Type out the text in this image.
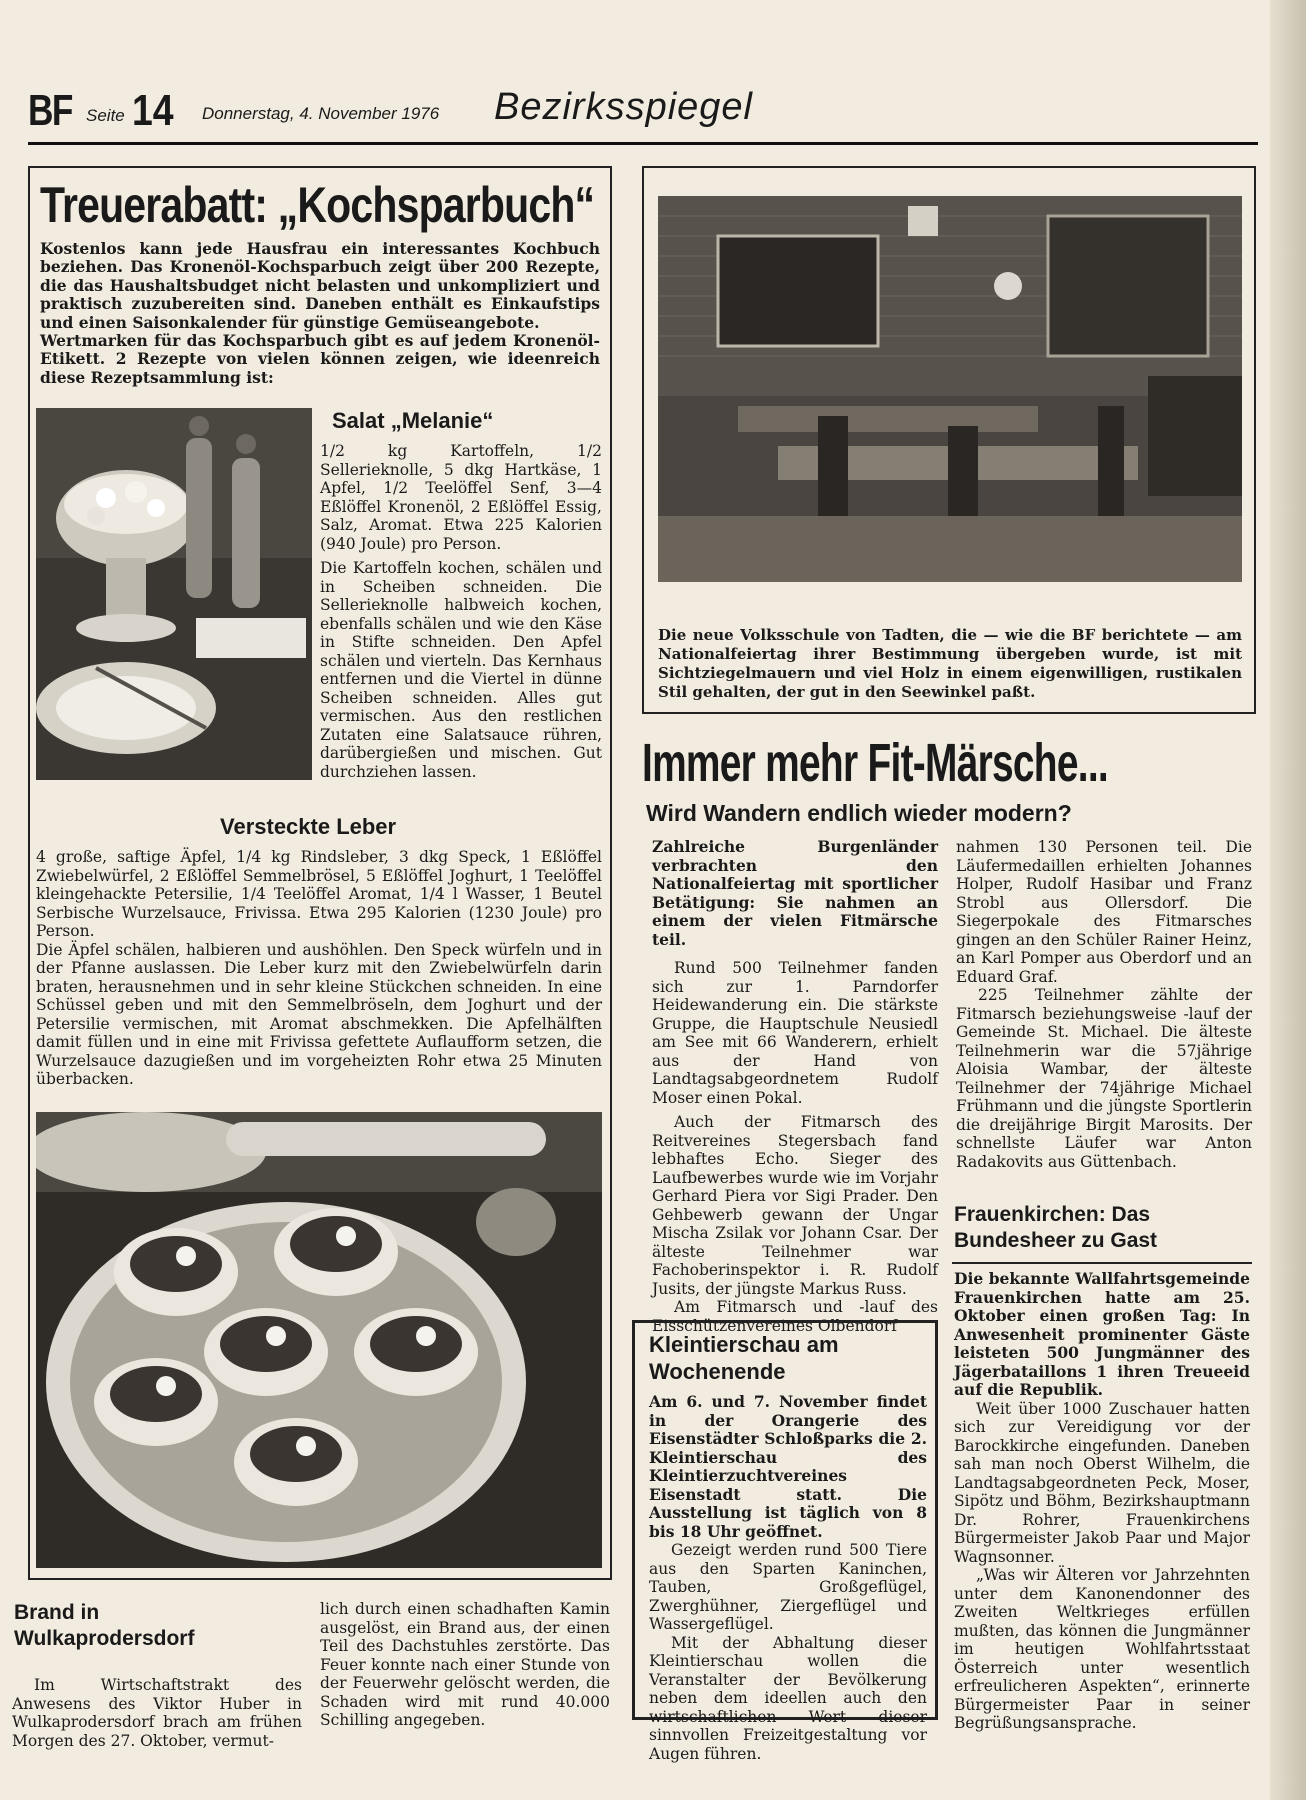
BF Seite 14 Donnerstag, 4. November 1976 Bezirksspiegel
Treuerabatt: „Kochsparbuch“
Kostenlos kann jede Hausfrau ein interessantes Kochbuch beziehen. Das Kronenöl-Kochsparbuch zeigt über 200 Rezepte, die das Haushaltsbudget nicht belasten und unkompliziert und praktisch zuzubereiten sind. Daneben enthält es Einkaufstips und einen Saisonkalender für günstige Gemüseangebote.
Wertmarken für das Kochsparbuch gibt es auf jedem Kronenöl-Etikett. 2 Rezepte von vielen können zeigen, wie ideenreich diese Rezeptsammlung ist:
Salat „Melanie“

1/2 kg Kartoffeln, 1/2 Sellerieknolle, 5 dkg Hartkäse, 1 Apfel, 1/2 Teelöffel Senf, 3—4 Eßlöffel Kronenöl, 2 Eßlöffel Essig, Salz, Aromat. Etwa 225 Kalorien (940 Joule) pro Person.

Die Kartoffeln kochen, schälen und in Scheiben schneiden. Die Sellerieknolle halbweich kochen, ebenfalls schälen und wie den Käse in Stifte schneiden. Den Apfel schälen und vierteln. Das Kernhaus entfernen und die Viertel in dünne Scheiben schneiden. Alles gut vermischen. Aus den restlichen Zutaten eine Salatsauce rühren, darübergießen und mischen. Gut durchziehen lassen.

Versteckte Leber

4 große, saftige Äpfel, 1/4 kg Rindsleber, 3 dkg Speck, 1 Eßlöffel Zwiebelwürfel, 2 Eßlöffel Semmelbrösel, 5 Eßlöffel Joghurt, 1 Teelöffel kleingehackte Petersilie, 1/4 Teelöffel Aromat, 1/4 l Wasser, 1 Beutel Serbische Wurzelsauce, Frivissa. Etwa 295 Kalorien (1230 Joule) pro Person.

Die Äpfel schälen, halbieren und aushöhlen. Den Speck würfeln und in der Pfanne auslassen. Die Leber kurz mit den Zwiebelwürfeln darin braten, herausnehmen und in sehr kleine Stückchen schneiden. In eine Schüssel geben und mit den Semmelbröseln, dem Joghurt und der Petersilie vermischen, mit Aromat abschmekken. Die Apfelhälften damit füllen und in eine mit Frivissa gefettete Auflaufform setzen, die Wurzelsauce dazugießen und im vorgeheizten Rohr etwa 25 Minuten überbacken.

Die neue Volksschule von Tadten, die — wie die BF berichtete — am Nationalfeiertag ihrer Bestimmung übergeben wurde, ist mit Sichtziegelmauern und viel Holz in einem eigenwilligen, rustikalen Stil gehalten, der gut in den Seewinkel paßt.
Immer mehr Fit-Märsche...
Wird Wandern endlich wieder modern?
Zahlreiche Burgenländer verbrachten den Nationalfeiertag mit sportlicher Betätigung: Sie nahmen an einem der vielen Fitmärsche teil.

Rund 500 Teilnehmer fanden sich zur 1. Parndorfer Heidewanderung ein. Die stärkste Gruppe, die Hauptschule Neusiedl am See mit 66 Wanderern, erhielt aus der Hand von Landtagsabgeordnetem Rudolf Moser einen Pokal.

Auch der Fitmarsch des Reitvereines Stegersbach fand lebhaftes Echo. Sieger des Laufbewerbes wurde wie im Vorjahr Gerhard Piera vor Sigi Prader. Den Gehbewerb gewann der Ungar Mischa Zsilak vor Johann Csar. Der älteste Teilnehmer war Fachoberinspektor i. R. Rudolf Jusits, der jüngste Markus Russ.

Am Fitmarsch und -lauf des Eisschützenvereines Olbendorf

nahmen 130 Personen teil. Die Läufermedaillen erhielten Johannes Holper, Rudolf Hasibar und Franz Strobl aus Ollersdorf. Die Siegerpokale des Fitmarsches gingen an den Schüler Rainer Heinz, an Karl Pomper aus Oberdorf und an Eduard Graf.

225 Teilnehmer zählte der Fitmarsch beziehungsweise -lauf der Gemeinde St. Michael. Die älteste Teilnehmerin war die 57jährige Aloisia Wambar, der älteste Teilnehmer der 74jährige Michael Frühmann und die jüngste Sportlerin die dreijährige Birgit Marosits. Der schnellste Läufer war Anton Radakovits aus Güttenbach.

Kleintierschau am Wochenende
Am 6. und 7. November findet in der Orangerie des Eisenstädter Schloßparks die 2. Kleintierschau des Kleintierzuchtvereines Eisenstadt statt. Die Ausstellung ist täglich von 8 bis 18 Uhr geöffnet.

Gezeigt werden rund 500 Tiere aus den Sparten Kaninchen, Tauben, Großgeflügel, Zwerghühner, Ziergeflügel und Wassergeflügel.

Mit der Abhaltung dieser Kleintierschau wollen die Veranstalter der Bevölkerung neben dem ideellen auch den wirtschaftlichen Wert dieser sinnvollen Freizeitgestaltung vor Augen führen.

Frauenkirchen: Das Bundesheer zu Gast
Die bekannte Wallfahrtsgemeinde Frauenkirchen hatte am 25. Oktober einen großen Tag: In Anwesenheit prominenter Gäste leisteten 500 Jungmänner des Jägerbataillons 1 ihren Treueeid auf die Republik.

Weit über 1000 Zuschauer hatten sich zur Vereidigung vor der Barockkirche eingefunden. Daneben sah man noch Oberst Wilhelm, die Landtagsabgeordneten Peck, Moser, Sipötz und Böhm, Bezirkshauptmann Dr. Rohrer, Frauenkirchens Bürgermeister Jakob Paar und Major Wagnsonner.

„Was wir Älteren vor Jahrzehnten unter dem Kanonendonner des Zweiten Weltkrieges erfüllen mußten, das können die Jungmänner im heutigen Wohlfahrtsstaat Österreich unter wesentlich erfreulicheren Aspekten“, erinnerte Bürgermeister Paar in seiner Begrüßungsansprache.

Brand in Wulkaprodersdorf

Im Wirtschaftstrakt des Anwesens des Viktor Huber in Wulkaprodersdorf brach am frühen Morgen des 27. Oktober, vermut-

lich durch einen schadhaften Kamin ausgelöst, ein Brand aus, der einen Teil des Dachstuhles zerstörte. Das Feuer konnte nach einer Stunde von der Feuerwehr gelöscht werden, die Schaden wird mit rund 40.000 Schilling angegeben.
